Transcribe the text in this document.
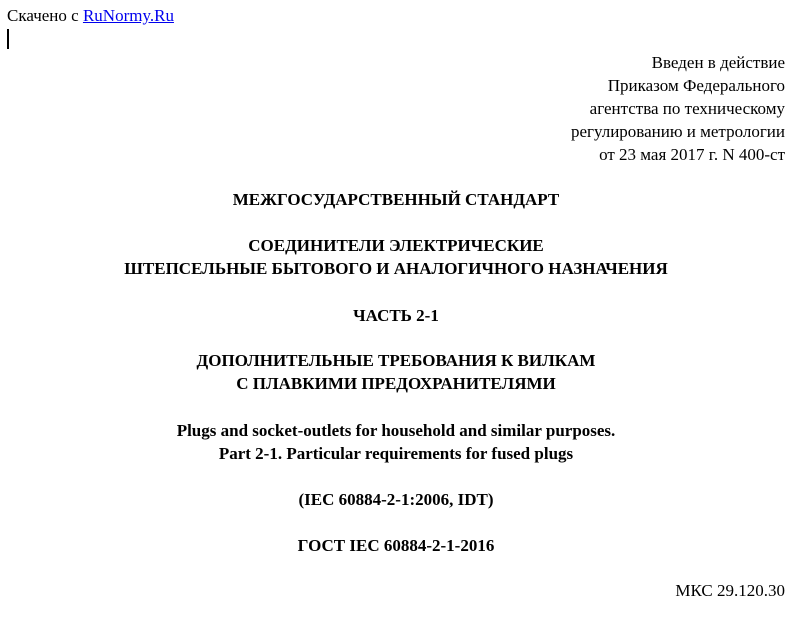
Скачено с RuNormy.Ru
Введен в действие
Приказом Федерального
агентства по техническому
регулированию и метрологии
от 23 мая 2017 г. N 400-ст
МЕЖГОСУДАРСТВЕННЫЙ СТАНДАРТ
СОЕДИНИТЕЛИ ЭЛЕКТРИЧЕСКИЕ
ШТЕПСЕЛЬНЫЕ БЫТОВОГО И АНАЛОГИЧНОГО НАЗНАЧЕНИЯ
ЧАСТЬ 2-1
ДОПОЛНИТЕЛЬНЫЕ ТРЕБОВАНИЯ К ВИЛКАМ
С ПЛАВКИМИ ПРЕДОХРАНИТЕЛЯМИ
Plugs and socket-outlets for household and similar purposes.
Part 2-1. Particular requirements for fused plugs
(IEC 60884-2-1:2006, IDT)
ГОСТ IEC 60884-2-1-2016
МКС 29.120.30
